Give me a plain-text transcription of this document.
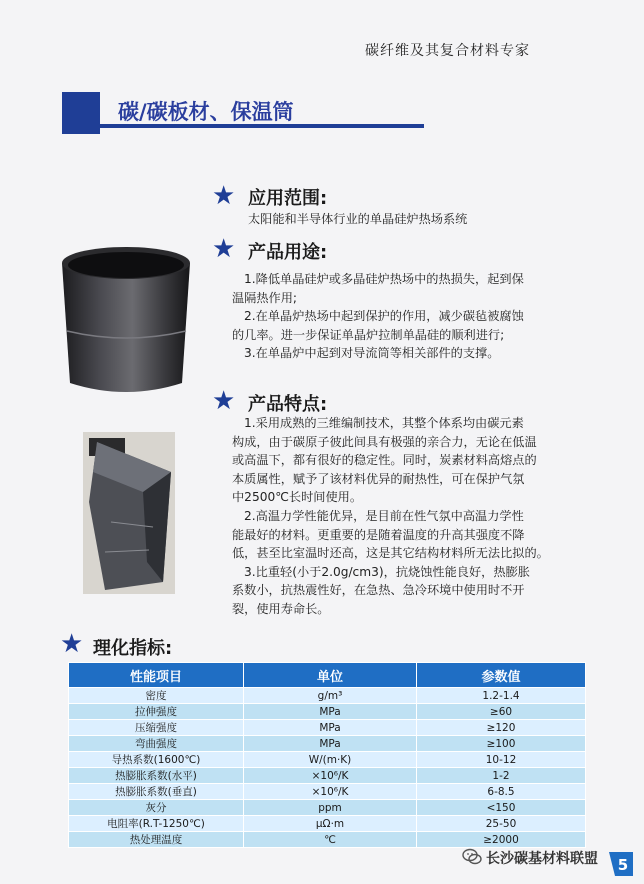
碳纤维及其复合材料专家
碳/碳板材、保温筒
★ 应用范围:
太阳能和半导体行业的单晶硅炉热场系统
★ 产品用途:

1.降低单晶硅炉或多晶硅炉热场中的热损失，起到保

温隔热作用;

2.在单晶炉热场中起到保护的作用，减少碳毡被腐蚀

的几率。进一步保证单晶炉拉制单晶硅的顺利进行;

3.在单晶炉中起到对导流筒等相关部件的支撑。

★ 产品特点:

1.采用成熟的三维编制技术，其整个体系均由碳元素

构成，由于碳原子彼此间具有极强的亲合力，无论在低温

或高温下，都有很好的稳定性。同时，炭素材料高熔点的

本质属性，赋予了该材料优异的耐热性，可在保护气氛

中2500℃长时间使用。

2.高温力学性能优异，是目前在性气氛中高温力学性

能最好的材料。更重要的是随着温度的升高其强度不降

低，甚至比室温时还高，这是其它结构材料所无法比拟的。

3.比重轻(小于2.0g/cm3)，抗烧蚀性能良好，热膨胀

系数小，抗热震性好，在急热、急冷环境中使用时不开

裂，使用寿命长。

★ 理化指标:
性能项目	单位	参数值
密度	g/m³	1.2-1.4
拉伸强度	MPa	≥60
压缩强度	MPa	≥120
弯曲强度	MPa	≥100
导热系数(1600℃)	W/(m·K)	10-12
热膨胀系数(水平)	×10⁶/K	1-2
热膨胀系数(垂直)	×10⁶/K	6-8.5
灰分	ppm	<150
电阻率(R.T-1250℃)	μΩ·m	25-50
热处理温度	℃	≥2000
长沙碳基材料联盟 5
